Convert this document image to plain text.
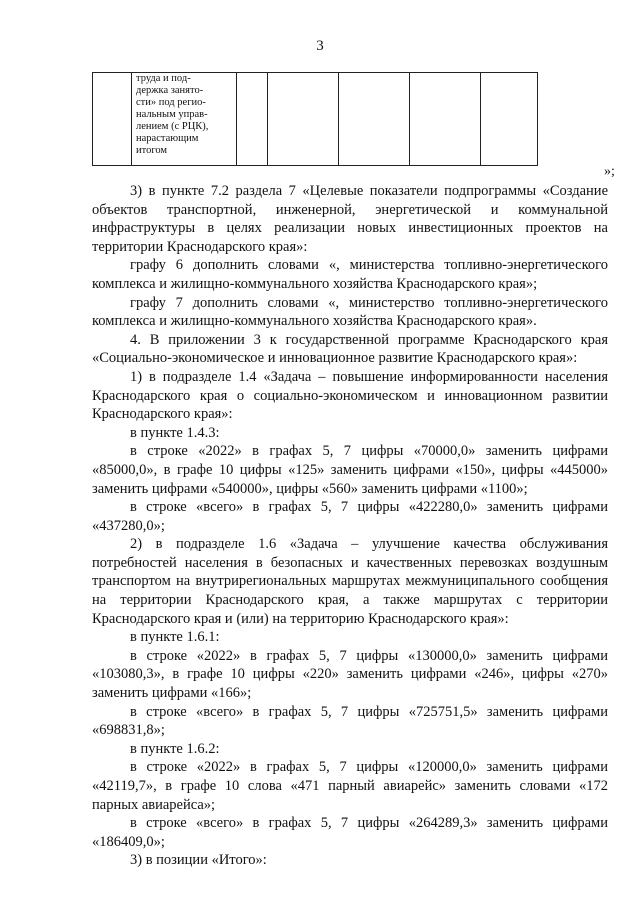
3

труда и под-
держка занято-
сти» под регио-
нальным управ-
лением (с РЦК),
нарастающим
итогом

»;

3) в пункте 7.2 раздела 7 «Целевые показатели подпрограммы «Создание объектов транспортной, инженерной, энергетической и коммунальной инфраструктуры в целях реализации новых инвестиционных проектов на территории Краснодарского края»:

графу 6 дополнить словами «, министерства топливно-энергетического комплекса и жилищно-коммунального хозяйства Краснодарского края»;

графу 7 дополнить словами «, министерство топливно-энергетического комплекса и жилищно-коммунального хозяйства Краснодарского края».

4. В приложении 3 к государственной программе Краснодарского края «Социально-экономическое и инновационное развитие Краснодарского края»:

1) в подразделе 1.4 «Задача – повышение информированности населения Краснодарского края о социально-экономическом и инновационном развитии Краснодарского края»:

в пункте 1.4.3:

в строке «2022» в графах 5, 7 цифры «70000,0» заменить цифрами «85000,0», в графе 10 цифры «125» заменить цифрами «150», цифры «445000» заменить цифрами «540000», цифры «560» заменить цифрами «1100»;

в строке «всего» в графах 5, 7 цифры «422280,0» заменить цифрами «437280,0»;

2) в подразделе 1.6 «Задача – улучшение качества обслуживания потребностей населения в безопасных и качественных перевозках воздушным транспортом на внутрирегиональных маршрутах межмуниципального сообщения на территории Краснодарского края, а также маршрутах с территории Краснодарского края и (или) на территорию Краснодарского края»:

в пункте 1.6.1:

в строке «2022» в графах 5, 7 цифры «130000,0» заменить цифрами «103080,3», в графе 10 цифры «220» заменить цифрами «246», цифры «270» заменить цифрами «166»;

в строке «всего» в графах 5, 7 цифры «725751,5» заменить цифрами «698831,8»;

в пункте 1.6.2:

в строке «2022» в графах 5, 7 цифры «120000,0» заменить цифрами «42119,7», в графе 10 слова «471 парный авиарейс» заменить словами «172 парных авиарейса»;

в строке «всего» в графах 5, 7 цифры «264289,3» заменить цифрами «186409,0»;

3) в позиции «Итого»:
